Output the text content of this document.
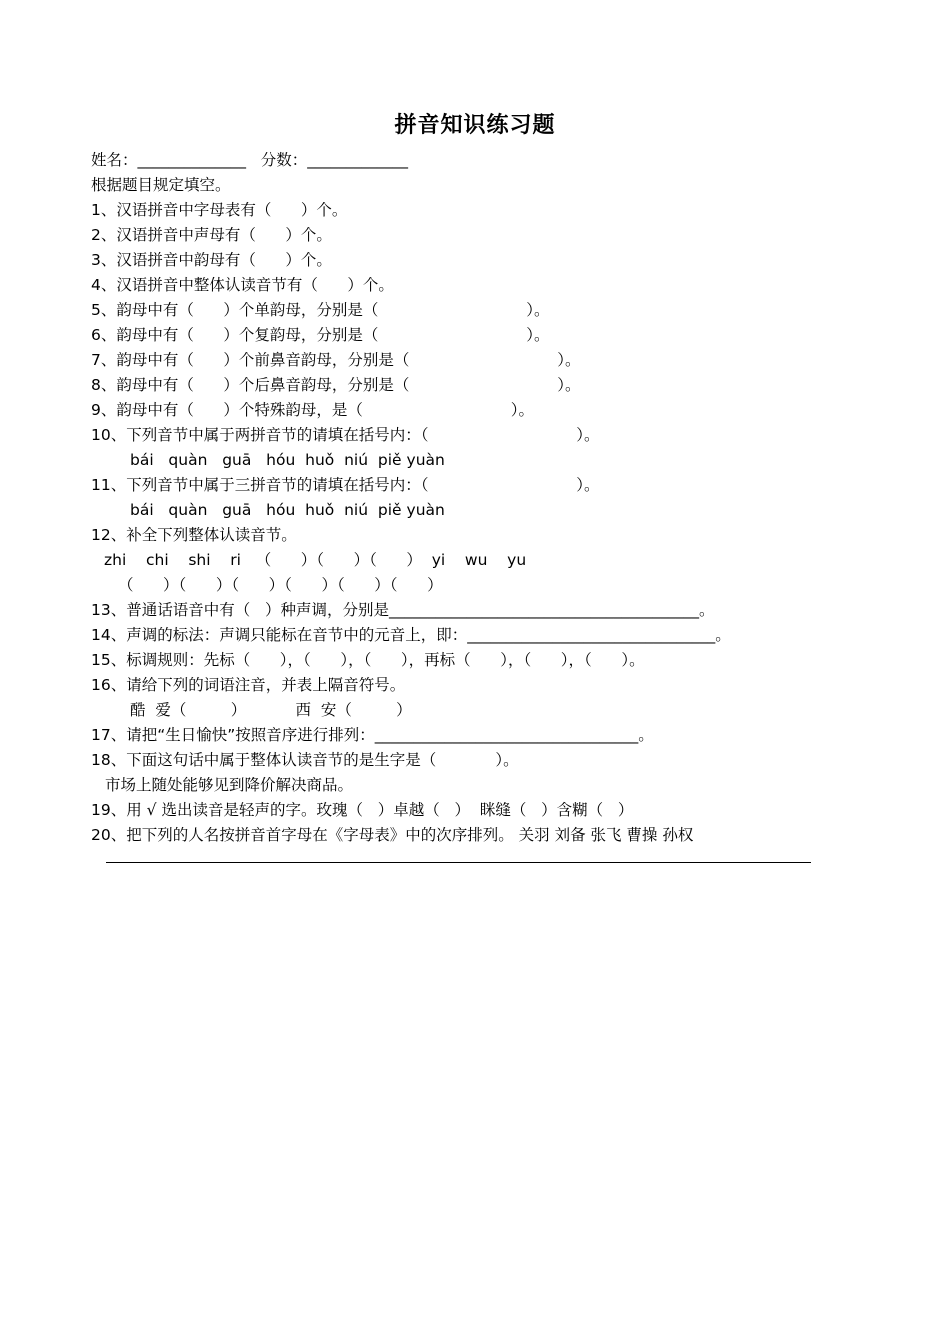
拼音知识练习题
姓名：______________   分数：_____________
根据题目规定填空。
1、汉语拼音中字母表有（      ）个。
2、汉语拼音中声母有（      ）个。
3、汉语拼音中韵母有（      ）个。
4、汉语拼音中整体认读音节有（      ）个。
5、韵母中有（      ）个单韵母，分别是（                              ）。
6、韵母中有（      ）个复韵母，分别是（                              ）。
7、韵母中有（      ）个前鼻音韵母，分别是（                              ）。
8、韵母中有（      ）个后鼻音韵母，分别是（                              ）。
9、韵母中有（      ）个特殊韵母，是（                              ）。
10、下列音节中属于两拼音节的请填在括号内：（                              ）。
bái   quàn   guā   hóu  huǒ  niú  piě yuàn
11、下列音节中属于三拼音节的请填在括号内：（                              ）。
bái   quàn   guā   hóu  huǒ  niú  piě yuàn
12、补全下列整体认读音节。
zhi    chi    shi    ri   （      ）（      ）（      ）  yi    wu    yu
（      ）（      ）（      ）（      ）（      ）（      ）
13、普通话语音中有（   ）种声调，分别是________________________________________。
14、声调的标法：声调只能标在音节中的元音上，即：________________________________。
15、标调规则：先标（      ），（      ），（      ），再标（      ），（      ），（      ）。
16、请给下列的词语注音，并表上隔音符号。
酷  爱（         ）          西  安（         ）
17、请把“生日愉快”按照音序进行排列：__________________________________。
18、下面这句话中属于整体认读音节的是生字是（            ）。
市场上随处能够见到降价解决商品。
19、用 √ 选出读音是轻声的字。玫瑰（   ）卓越（   ）  眯缝（   ）含糊（   ）
20、把下列的人名按拼音首字母在《字母表》中的次序排列。 关羽 刘备 张飞 曹操 孙权
